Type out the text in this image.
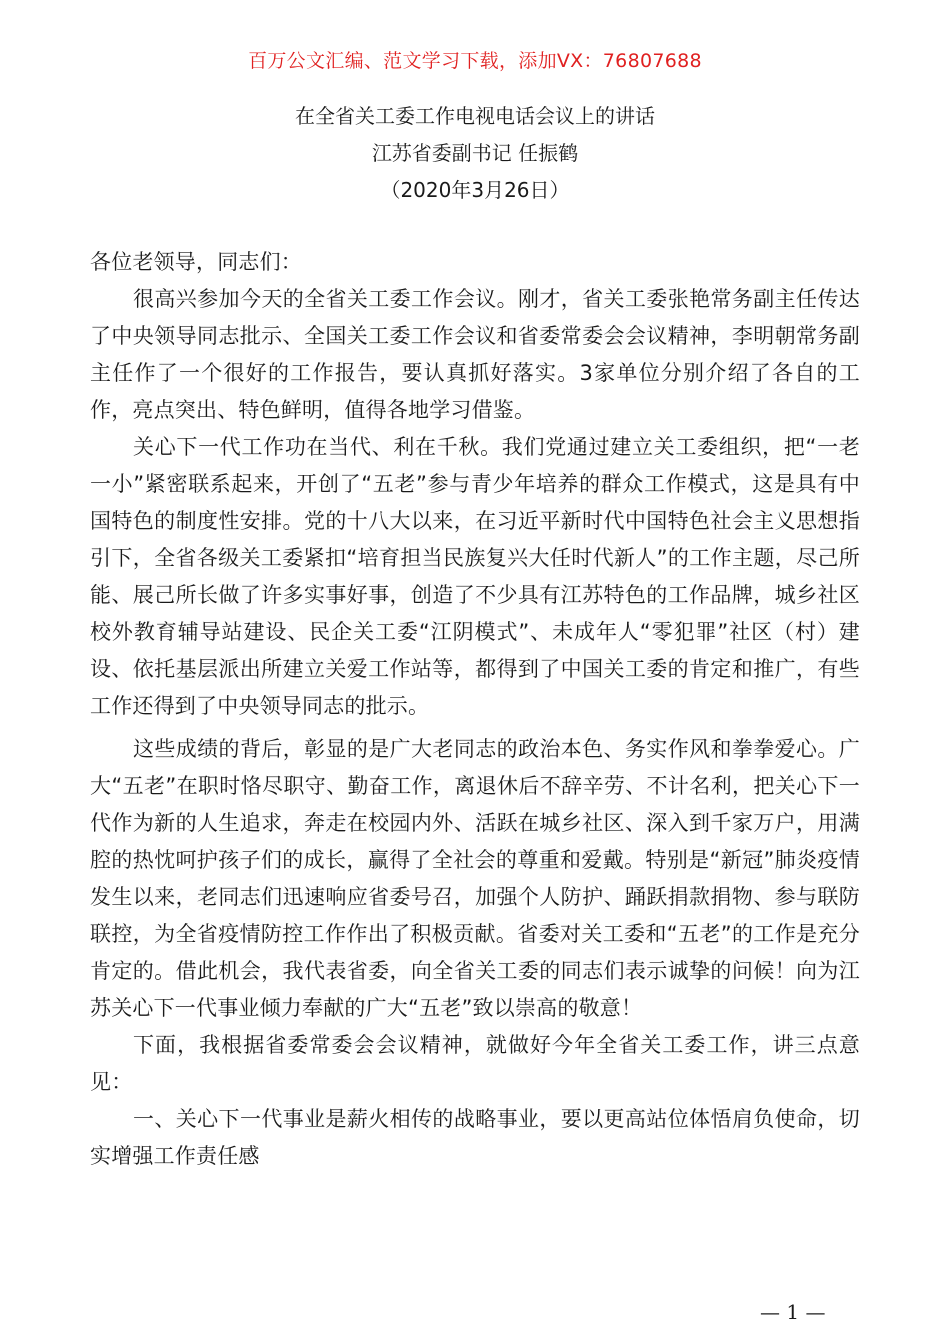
百万公文汇编、范文学习下载，添加VX：76807688
在全省关工委工作电视电话会议上的讲话
江苏省委副书记 任振鹤
（2020年3月26日）

各位老领导，同志们：

很高兴参加今天的全省关工委工作会议。刚才，省关工委张艳常务副主任传达了中央领导同志批示、全国关工委工作会议和省委常委会会议精神，李明朝常务副主任作了一个很好的工作报告，要认真抓好落实。3家单位分别介绍了各自的工作，亮点突出、特色鲜明，值得各地学习借鉴。

关心下一代工作功在当代、利在千秋。我们党通过建立关工委组织，把“一老一小”紧密联系起来，开创了“五老”参与青少年培养的群众工作模式，这是具有中国特色的制度性安排。党的十八大以来，在习近平新时代中国特色社会主义思想指引下，全省各级关工委紧扣“培育担当民族复兴大任时代新人”的工作主题，尽己所能、展己所长做了许多实事好事，创造了不少具有江苏特色的工作品牌，城乡社区校外教育辅导站建设、民企关工委“江阴模式”、未成年人“零犯罪”社区（村）建设、依托基层派出所建立关爱工作站等，都得到了中国关工委的肯定和推广，有些工作还得到了中央领导同志的批示。

这些成绩的背后，彰显的是广大老同志的政治本色、务实作风和拳拳爱心。广大“五老”在职时恪尽职守、勤奋工作，离退休后不辞辛劳、不计名利，把关心下一代作为新的人生追求，奔走在校园内外、活跃在城乡社区、深入到千家万户，用满腔的热忱呵护孩子们的成长，赢得了全社会的尊重和爱戴。特别是“新冠”肺炎疫情发生以来，老同志们迅速响应省委号召，加强个人防护、踊跃捐款捐物、参与联防联控，为全省疫情防控工作作出了积极贡献。省委对关工委和“五老”的工作是充分肯定的。借此机会，我代表省委，向全省关工委的同志们表示诚挚的问候！向为江苏关心下一代事业倾力奉献的广大“五老”致以崇高的敬意！

下面，我根据省委常委会会议精神，就做好今年全省关工委工作，讲三点意见：

一、关心下一代事业是薪火相传的战略事业，要以更高站位体悟肩负使命，切实增强工作责任感

— 1 —
